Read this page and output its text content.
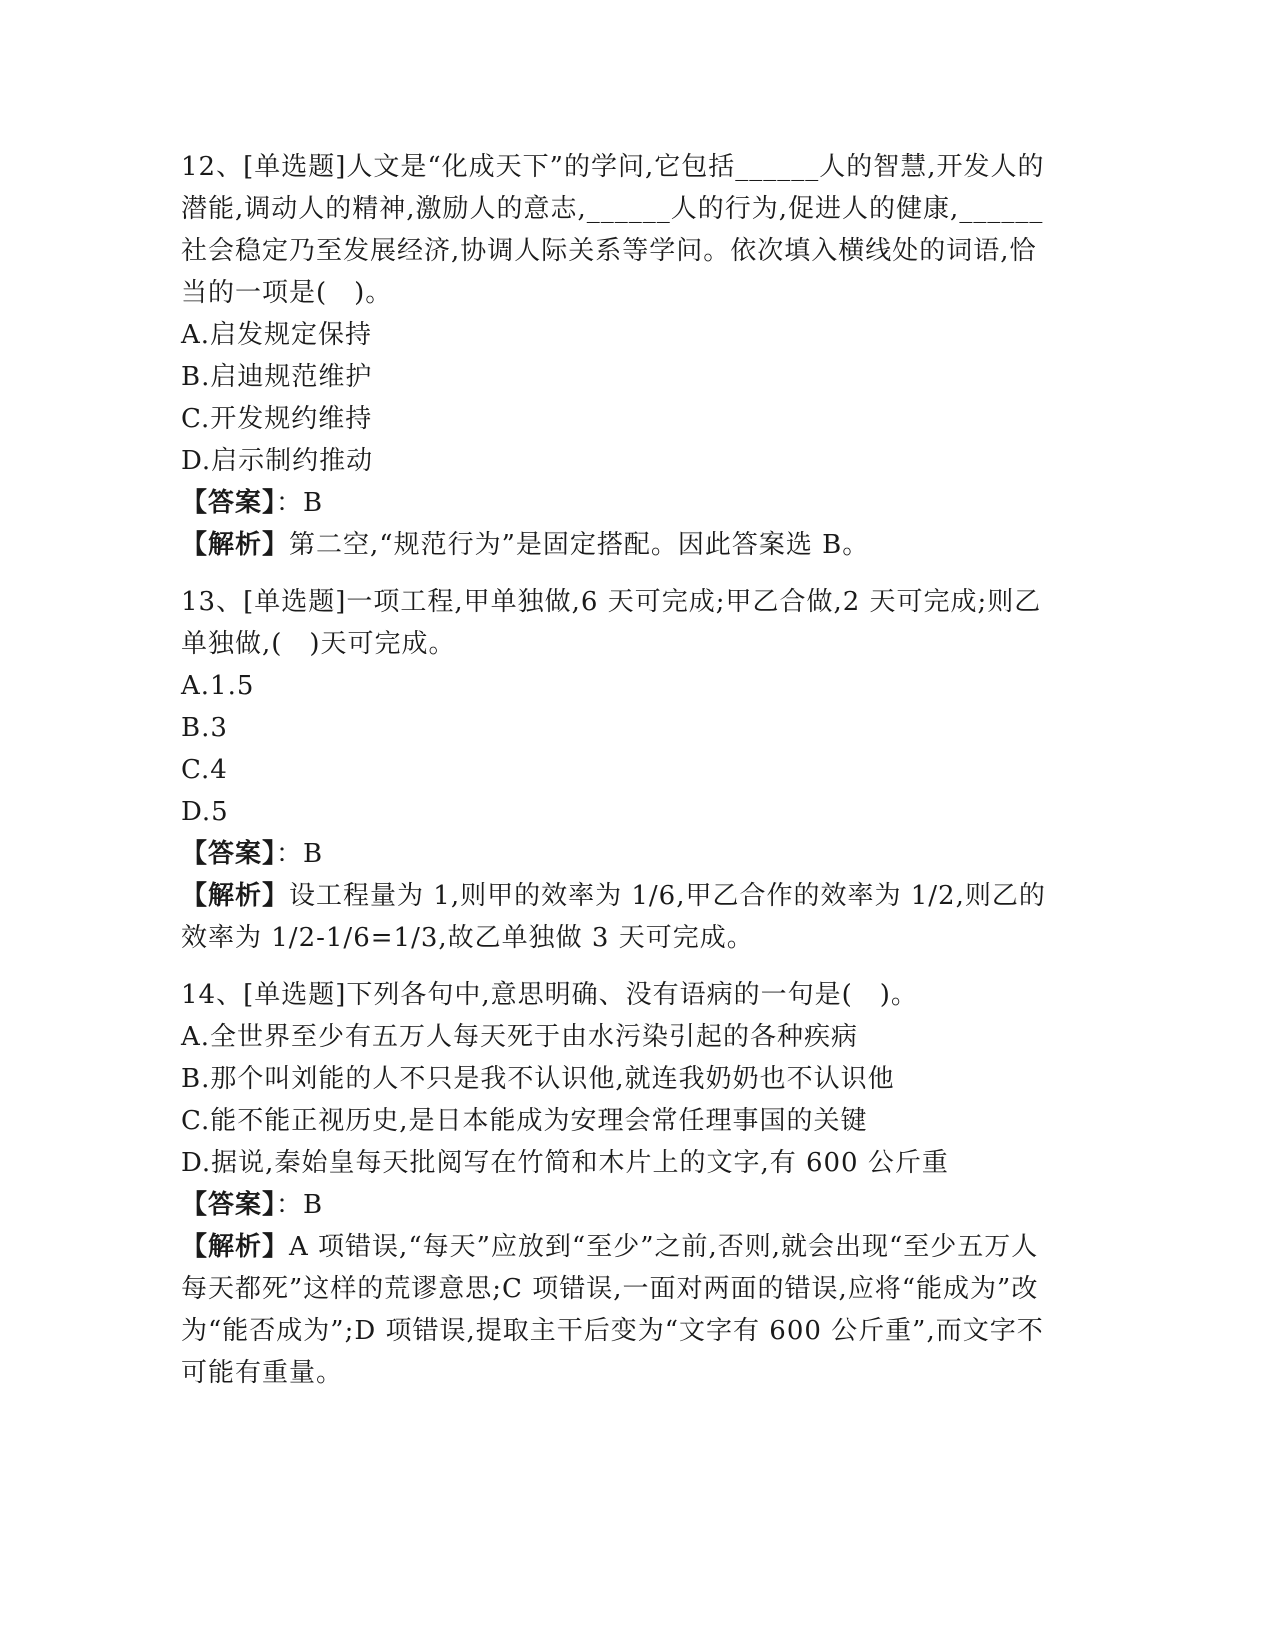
12、[单选题]人文是“化成天下”的学问,它包括______人的智慧,开发人的潜能,调动人的精神,激励人的意志,______人的行为,促进人的健康,______社会稳定乃至发展经济,协调人际关系等学问。依次填入横线处的词语,恰当的一项是(　)。
A.启发规定保持
B.启迪规范维护
C.开发规约维持
D.启示制约推动
【答案】：B
【解析】第二空,“规范行为”是固定搭配。因此答案选 B。
13、[单选题]一项工程,甲单独做,6 天可完成;甲乙合做,2 天可完成;则乙单独做,(　)天可完成。
A.1.5
B.3
C.4
D.5
【答案】：B
【解析】设工程量为 1,则甲的效率为 1/6,甲乙合作的效率为 1/2,则乙的效率为 1/2-1/6=1/3,故乙单独做 3 天可完成。
14、[单选题]下列各句中,意思明确、没有语病的一句是(　)。
A.全世界至少有五万人每天死于由水污染引起的各种疾病
B.那个叫刘能的人不只是我不认识他,就连我奶奶也不认识他
C.能不能正视历史,是日本能成为安理会常任理事国的关键
D.据说,秦始皇每天批阅写在竹简和木片上的文字,有 600 公斤重
【答案】：B
【解析】A 项错误,“每天”应放到“至少”之前,否则,就会出现“至少五万人每天都死”这样的荒谬意思;C 项错误,一面对两面的错误,应将“能成为”改为“能否成为”;D 项错误,提取主干后变为“文字有 600 公斤重”,而文字不可能有重量。
